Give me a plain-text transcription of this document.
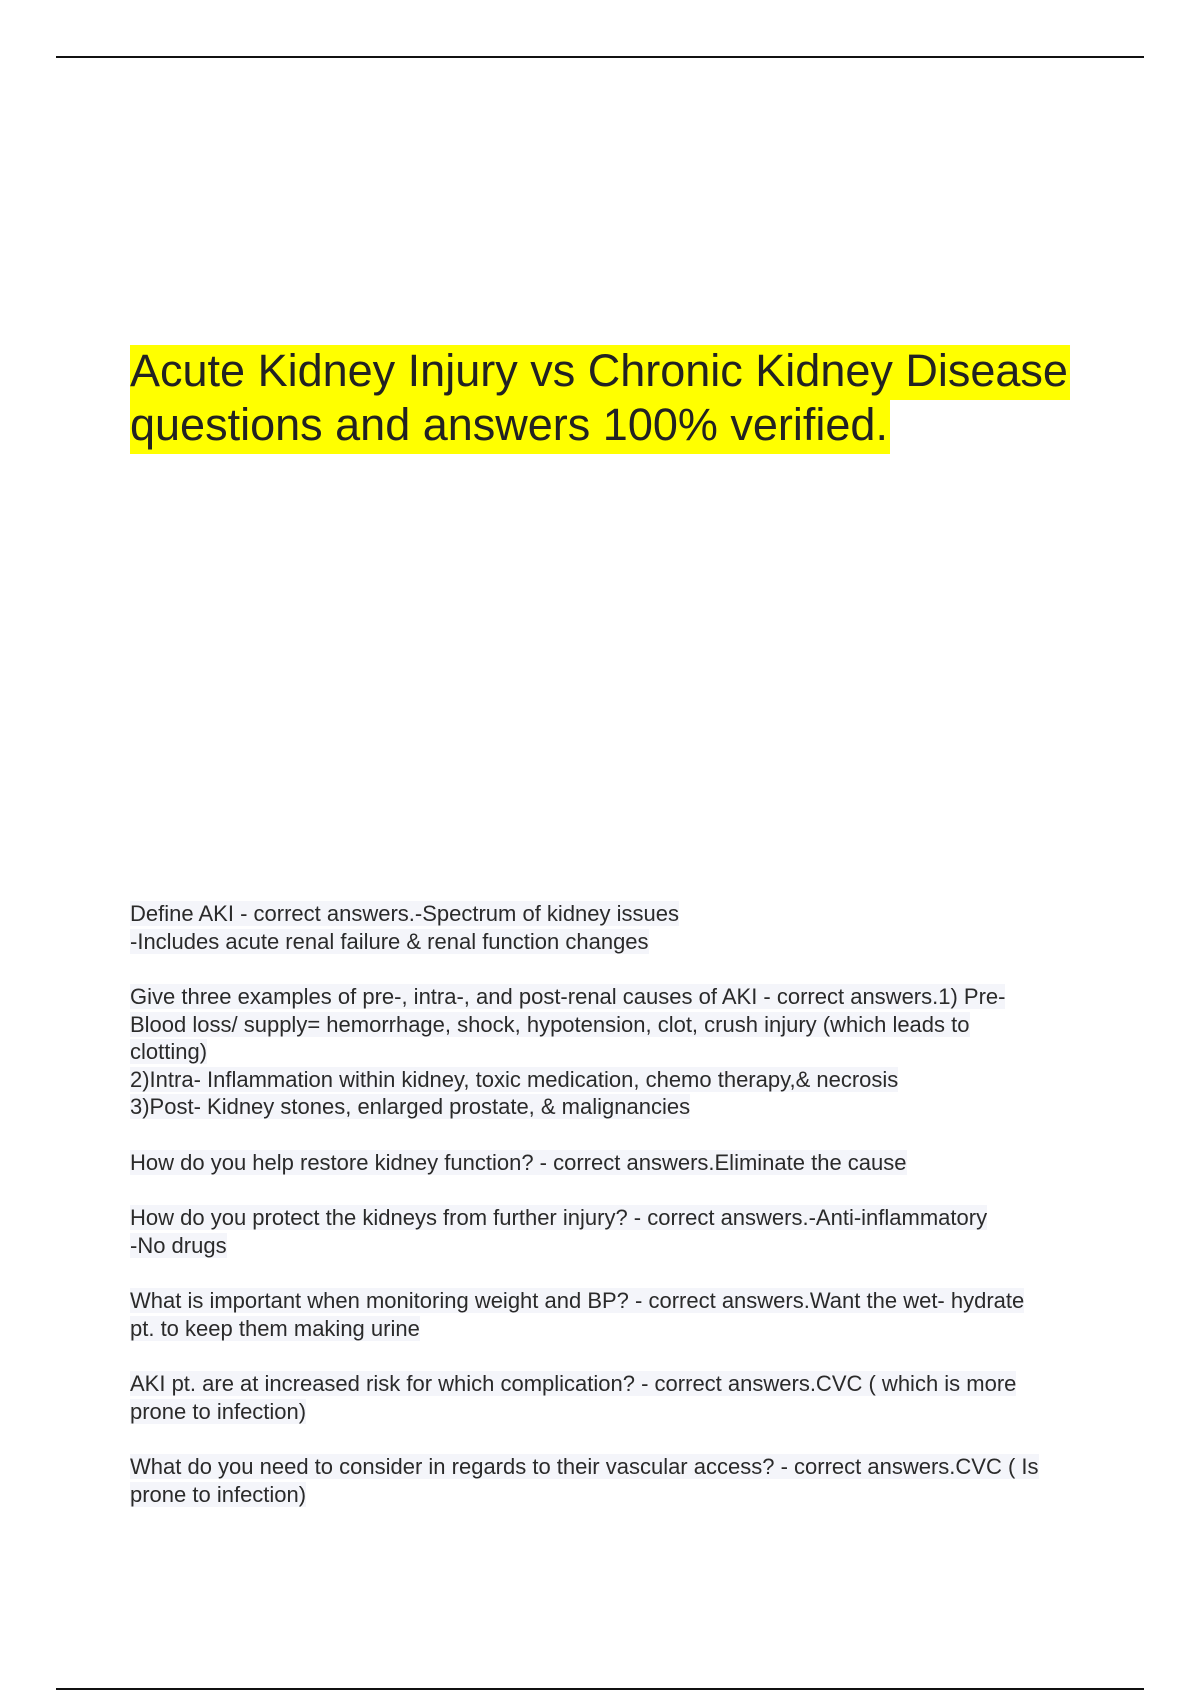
Acute Kidney Injury vs Chronic Kidney Disease
questions and answers 100% verified.
Define AKI - correct answers.-Spectrum of kidney issues
-Includes acute renal failure & renal function changes
Give three examples of pre-, intra-, and post-renal causes of AKI - correct answers.1) Pre-
Blood loss/ supply= hemorrhage, shock, hypotension, clot, crush injury (which leads to
clotting)
2)Intra- Inflammation within kidney, toxic medication, chemo therapy,& necrosis
3)Post- Kidney stones, enlarged prostate, & malignancies
How do you help restore kidney function? - correct answers.Eliminate the cause
How do you protect the kidneys from further injury? - correct answers.-Anti-inflammatory
-No drugs
What is important when monitoring weight and BP? - correct answers.Want the wet- hydrate
pt. to keep them making urine
AKI pt. are at increased risk for which complication? - correct answers.CVC ( which is more
prone to infection)
What do you need to consider in regards to their vascular access? - correct answers.CVC ( Is
prone to infection)
